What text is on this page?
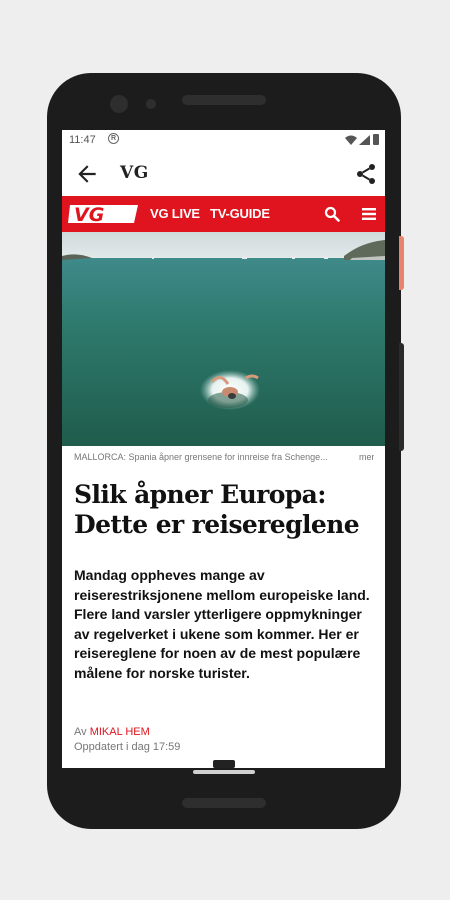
11:47	R
VG
VG	VG LIVE TV-GUIDE
MALLORCA: Spania åpner grensene for innreise fra Schenge...	mer
Slik åpner Europa: Dette er reisereglene

Mandag oppheves mange av reiserestriksjonene mellom europeiske land. Flere land varsler ytterligere oppmykninger av regelverket i ukene som kommer. Her er reisereglene for noen av de mest populære målene for norske turister.

Av MIKAL HEM
Oppdatert i dag 17:59
